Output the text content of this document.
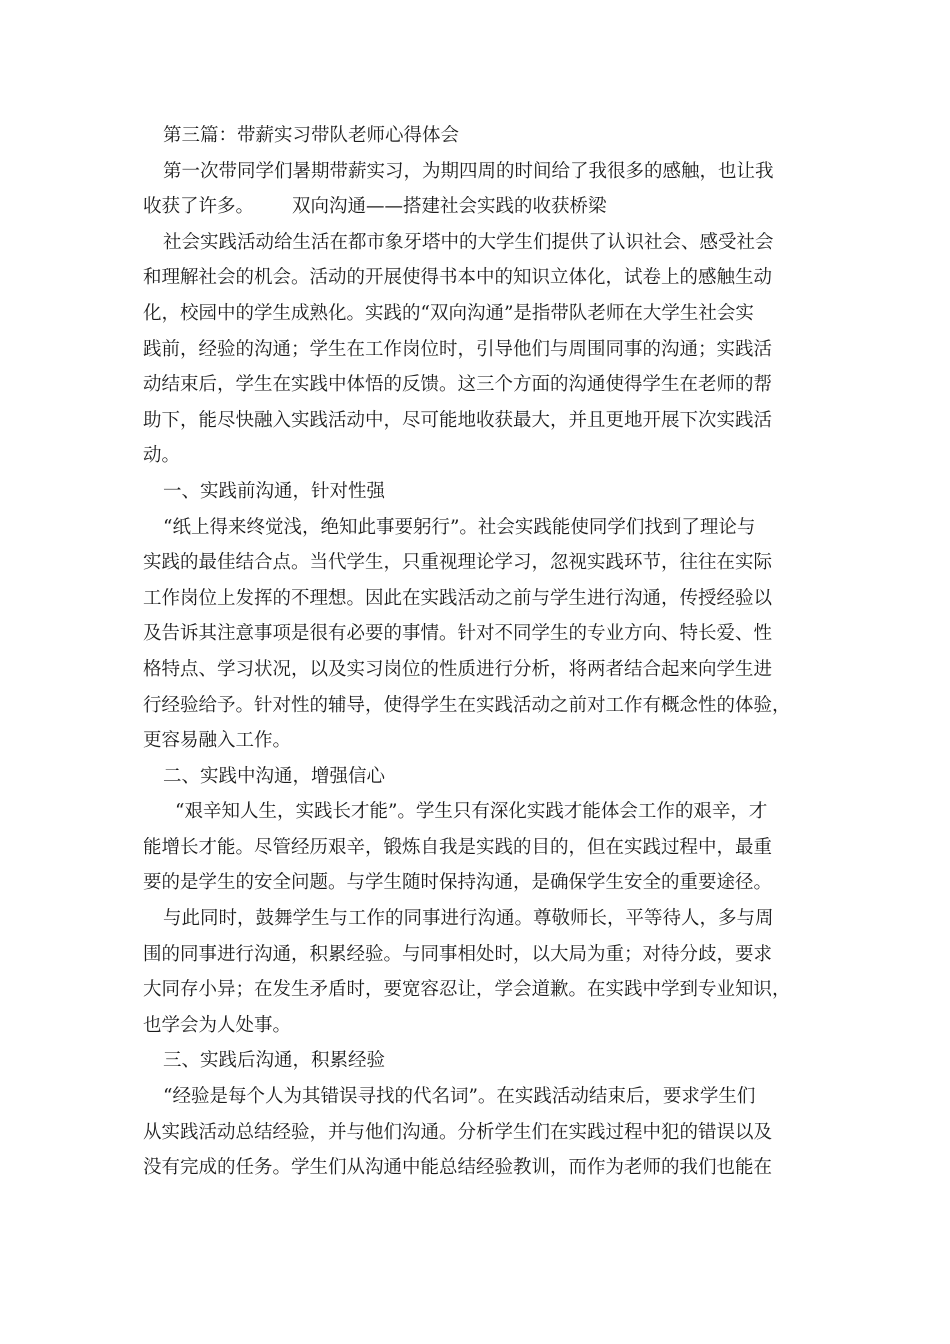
第三篇：带薪实习带队老师心得体会

第一次带同学们暑期带薪实习，为期四周的时间给了我很多的感触，也让我

收获了许多。 双向沟通——搭建社会实践的收获桥梁

社会实践活动给生活在都市象牙塔中的大学生们提供了认识社会、感受社会

和理解社会的机会。活动的开展使得书本中的知识立体化，试卷上的感触生动

化，校园中的学生成熟化。实践的“双向沟通”是指带队老师在大学生社会实

践前，经验的沟通；学生在工作岗位时，引导他们与周围同事的沟通；实践活

动结束后，学生在实践中体悟的反馈。这三个方面的沟通使得学生在老师的帮

助下，能尽快融入实践活动中，尽可能地收获最大，并且更地开展下次实践活

动。

一、实践前沟通，针对性强

“纸上得来终觉浅，绝知此事要躬行”。社会实践能使同学们找到了理论与

实践的最佳结合点。当代学生，只重视理论学习，忽视实践环节，往往在实际

工作岗位上发挥的不理想。因此在实践活动之前与学生进行沟通，传授经验以

及告诉其注意事项是很有必要的事情。针对不同学生的专业方向、特长爱、性

格特点、学习状况，以及实习岗位的性质进行分析，将两者结合起来向学生进

行经验给予。针对性的辅导，使得学生在实践活动之前对工作有概念性的体验，

更容易融入工作。

二、实践中沟通，增强信心

“艰辛知人生，实践长才能”。学生只有深化实践才能体会工作的艰辛，才

能增长才能。尽管经历艰辛，锻炼自我是实践的目的，但在实践过程中，最重

要的是学生的安全问题。与学生随时保持沟通，是确保学生安全的重要途径。

与此同时，鼓舞学生与工作的同事进行沟通。尊敬师长，平等待人，多与周

围的同事进行沟通，积累经验。与同事相处时，以大局为重；对待分歧，要求

大同存小异；在发生矛盾时，要宽容忍让，学会道歉。在实践中学到专业知识，

也学会为人处事。

三、实践后沟通，积累经验

“经验是每个人为其错误寻找的代名词”。在实践活动结束后，要求学生们

从实践活动总结经验，并与他们沟通。分析学生们在实践过程中犯的错误以及

没有完成的任务。学生们从沟通中能总结经验教训，而作为老师的我们也能在
